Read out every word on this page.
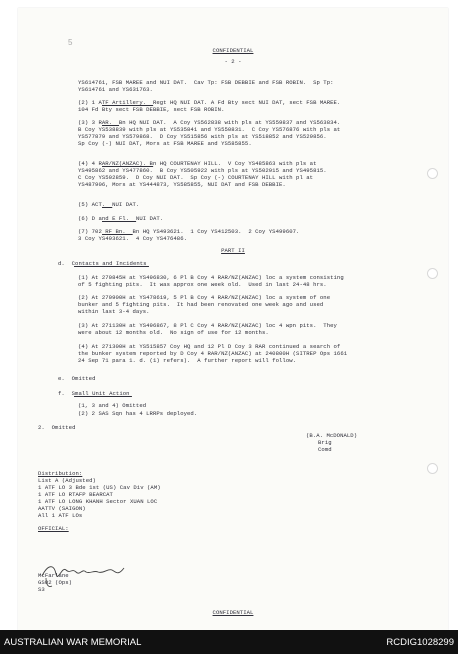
5
CONFIDENTIAL
- 2 -
PART II
YS614761, FSB MAREE and NUI DAT.  Cav Tp: FSB DEBBIE and FSB ROBIN.  Sp Tp:
YS614761 and YS631763.
(2) 1 ATF Artillery.  Regt HQ NUI DAT. A Fd Bty sect NUI DAT, sect FSB MAREE.
104 Fd Bty sect FSB DEBBIE, sect FSB ROBIN.
(3) 3 RAR.  Bn HQ NUI DAT.  A Coy YS562838 with pls at YS559837 and YS563834.
B Coy YS538839 with pls at YS535841 and YS550831.  C Coy YS576876 with pls at
YS577879 and YS579868.  D Coy YS515856 with pls at YS518852 and YS529856.
Sp Coy (-) NUI DAT, Mors at FSB MAREE and YS585855.
(4) 4 RAR/NZ(ANZAC). Bn HQ COURTENAY HILL.  V Coy YS485863 with pls at
YS495862 and YS477860.  B Coy YS505922 with pls at YS502915 and YS495815.
C Coy YS502859.  D Coy NUI DAT.  Sp Coy (-) COURTENAY HILL with pl at
YS487906, Mors at YS444873, YS585855, NUI DAT and FSB DEBBIE.
(5) ACT.  NUI DAT.
(6) D and E Fl.  NUI DAT.
(7) 702 RF Bn.  Bn HQ YS493621.  1 Coy YS412503.  2 Coy YS499607.
3 Coy YS493621.  4 Coy YS476486.
d.  Contacts and Incidents
(1) At 270845H at YS496830, 6 Pl B Coy 4 RAR/NZ(ANZAC) loc a system consisting
of 5 fighting pits.  It was approx one week old.  Used in last 24-48 hrs.
(2) At 270900H at YS478619, 5 Pl B Coy 4 RAR/NZ(ANZAC) loc a system of one
bunker and 5 fighting pits.  It had been renovated one week ago and used
within last 3-4 days.
(3) At 271130H at YS496867, 8 Pl C Coy 4 RAR/NZ(ANZAC) loc 4 wpn pits.  They
were about 12 months old.  No sign of use for 12 months.
(4) At 271300H at YS515857 Coy HQ and 12 Pl D Coy 3 RAR continued a search of
the bunker system reported by D Coy 4 RAR/NZ(ANZAC) at 240800H (SITREP Ops 1661
24 Sep 71 para 1. d. (1) refers).  A further report will follow.
e.  Omitted
f.  Small Unit Action
(1, 3 and 4) Omitted
(2) 2 SAS Sqn has 4 LRRPs deployed.
2.  Omitted
(B.A. McDONALD)
Brig
Comd
Distribution:
List A (Adjusted)
1 ATF LO 3 Bde 1st (US) Cav Div (AM)
1 ATF LO RTAFP BEARCAT
1 ATF LO LONG KHANH Sector XUAN LOC
AATTV (SAIGON)
All 1 ATF LOs
OFFICIAL:
McFarlane
GSO2 (Ops)
S3
CONFIDENTIAL
AUSTRALIAN WAR MEMORIAL	RCDIG1028299
